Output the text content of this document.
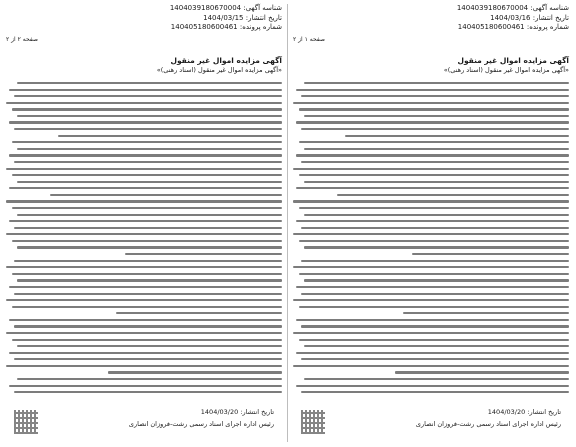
شناسه آگهی: 1404039180670004
تاریخ انتشار: 1404/03/16
شماره پرونده: 140405180600461
صفحه ۱ از ۲
آگهی مزایده اموال غیر منقول
«آگهی مزایده اموال غیر منقول (اسناد رهنی)»
تاریخ انتشار: 1404/03/20
رئیس اداره اجرای اسناد رسمی رشت-فروزان انصاری
شناسه آگهی: 1404039180670004
تاریخ انتشار: 1404/03/15
شماره پرونده: 140405180600461
صفحه ۲ از ۲
آگهی مزایده اموال غیر منقول
«آگهی مزایده اموال غیر منقول (اسناد رهنی)»
تاریخ انتشار: 1404/03/20
رئیس اداره اجرای اسناد رسمی رشت-فروزان انصاری
